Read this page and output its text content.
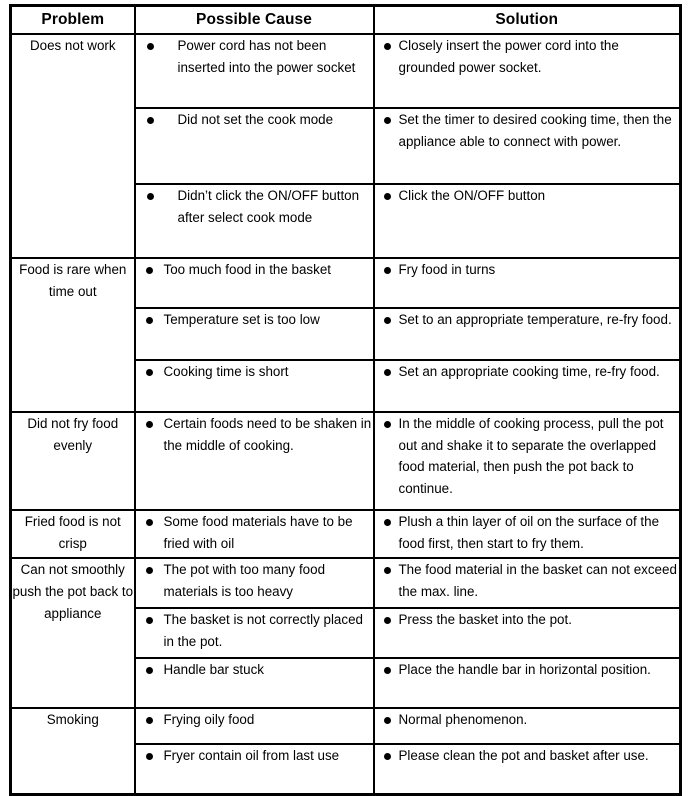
Problem	Possible Cause	Solution

Does not work	Power cord has not been inserted into the power socket	Closely insert the power cord into the grounded power socket.

	Did not set the cook mode	Set the timer to desired cooking time, then the appliance able to connect with power.

	Didn’t click the ON/OFF button after select cook mode	Click the ON/OFF button

Food is rare when time out	Too much food in the basket	Fry food in turns

	Temperature set is too low	Set to an appropriate temperature, re-fry food.

	Cooking time is short	Set an appropriate cooking time, re-fry food.

Did not fry food evenly	Certain foods need to be shaken in the middle of cooking.	In the middle of cooking process, pull the pot out and shake it to separate the overlapped food material, then push the pot back to continue.

Fried food is not crisp	Some food materials have to be fried with oil	Plush a thin layer of oil on the surface of the food first, then start to fry them.

Can not smoothly push the pot back to appliance	The pot with too many food materials is too heavy	The food material in the basket can not exceed the max. line.

	The basket is not correctly placed in the pot.	Press the basket into the pot.

	Handle bar stuck	Place the handle bar in horizontal position.

Smoking	Frying oily food	Normal phenomenon.

	Fryer contain oil from last use	Please clean the pot and basket after use.
